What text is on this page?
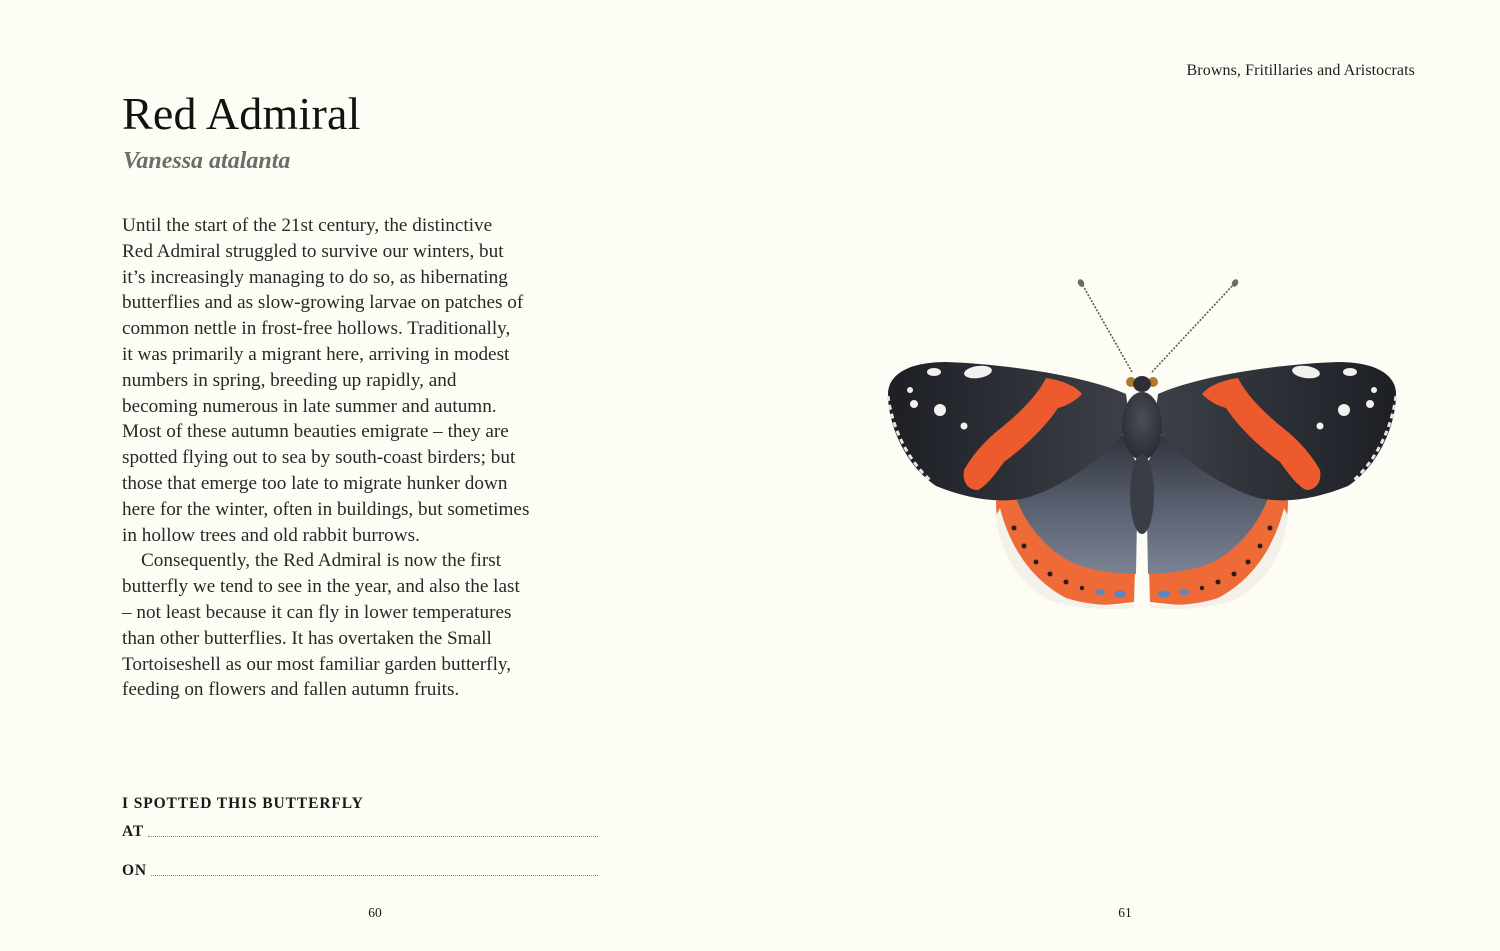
Red Admiral
Vanessa atalanta
Until the start of the 21st century, the distinctive
Red Admiral struggled to survive our winters, but
it’s increasingly managing to do so, as hibernating
butterflies and as slow-growing larvae on patches of
common nettle in frost-free hollows. Traditionally,
it was primarily a migrant here, arriving in modest
numbers in spring, breeding up rapidly, and
becoming numerous in late summer and autumn.
Most of these autumn beauties emigrate – they are
spotted flying out to sea by south-coast birders; but
those that emerge too late to migrate hunker down
here for the winter, often in buildings, but sometimes
in hollow trees and old rabbit burrows.
Consequently, the Red Admiral is now the first
butterfly we tend to see in the year, and also the last
– not least because it can fly in lower temperatures
than other butterflies. It has overtaken the Small
Tortoiseshell as our most familiar garden butterfly,
feeding on flowers and fallen autumn fruits.
I SPOTTED THIS BUTTERFLY
AT
ON
60
Browns, Fritillaries and Aristocrats
61
